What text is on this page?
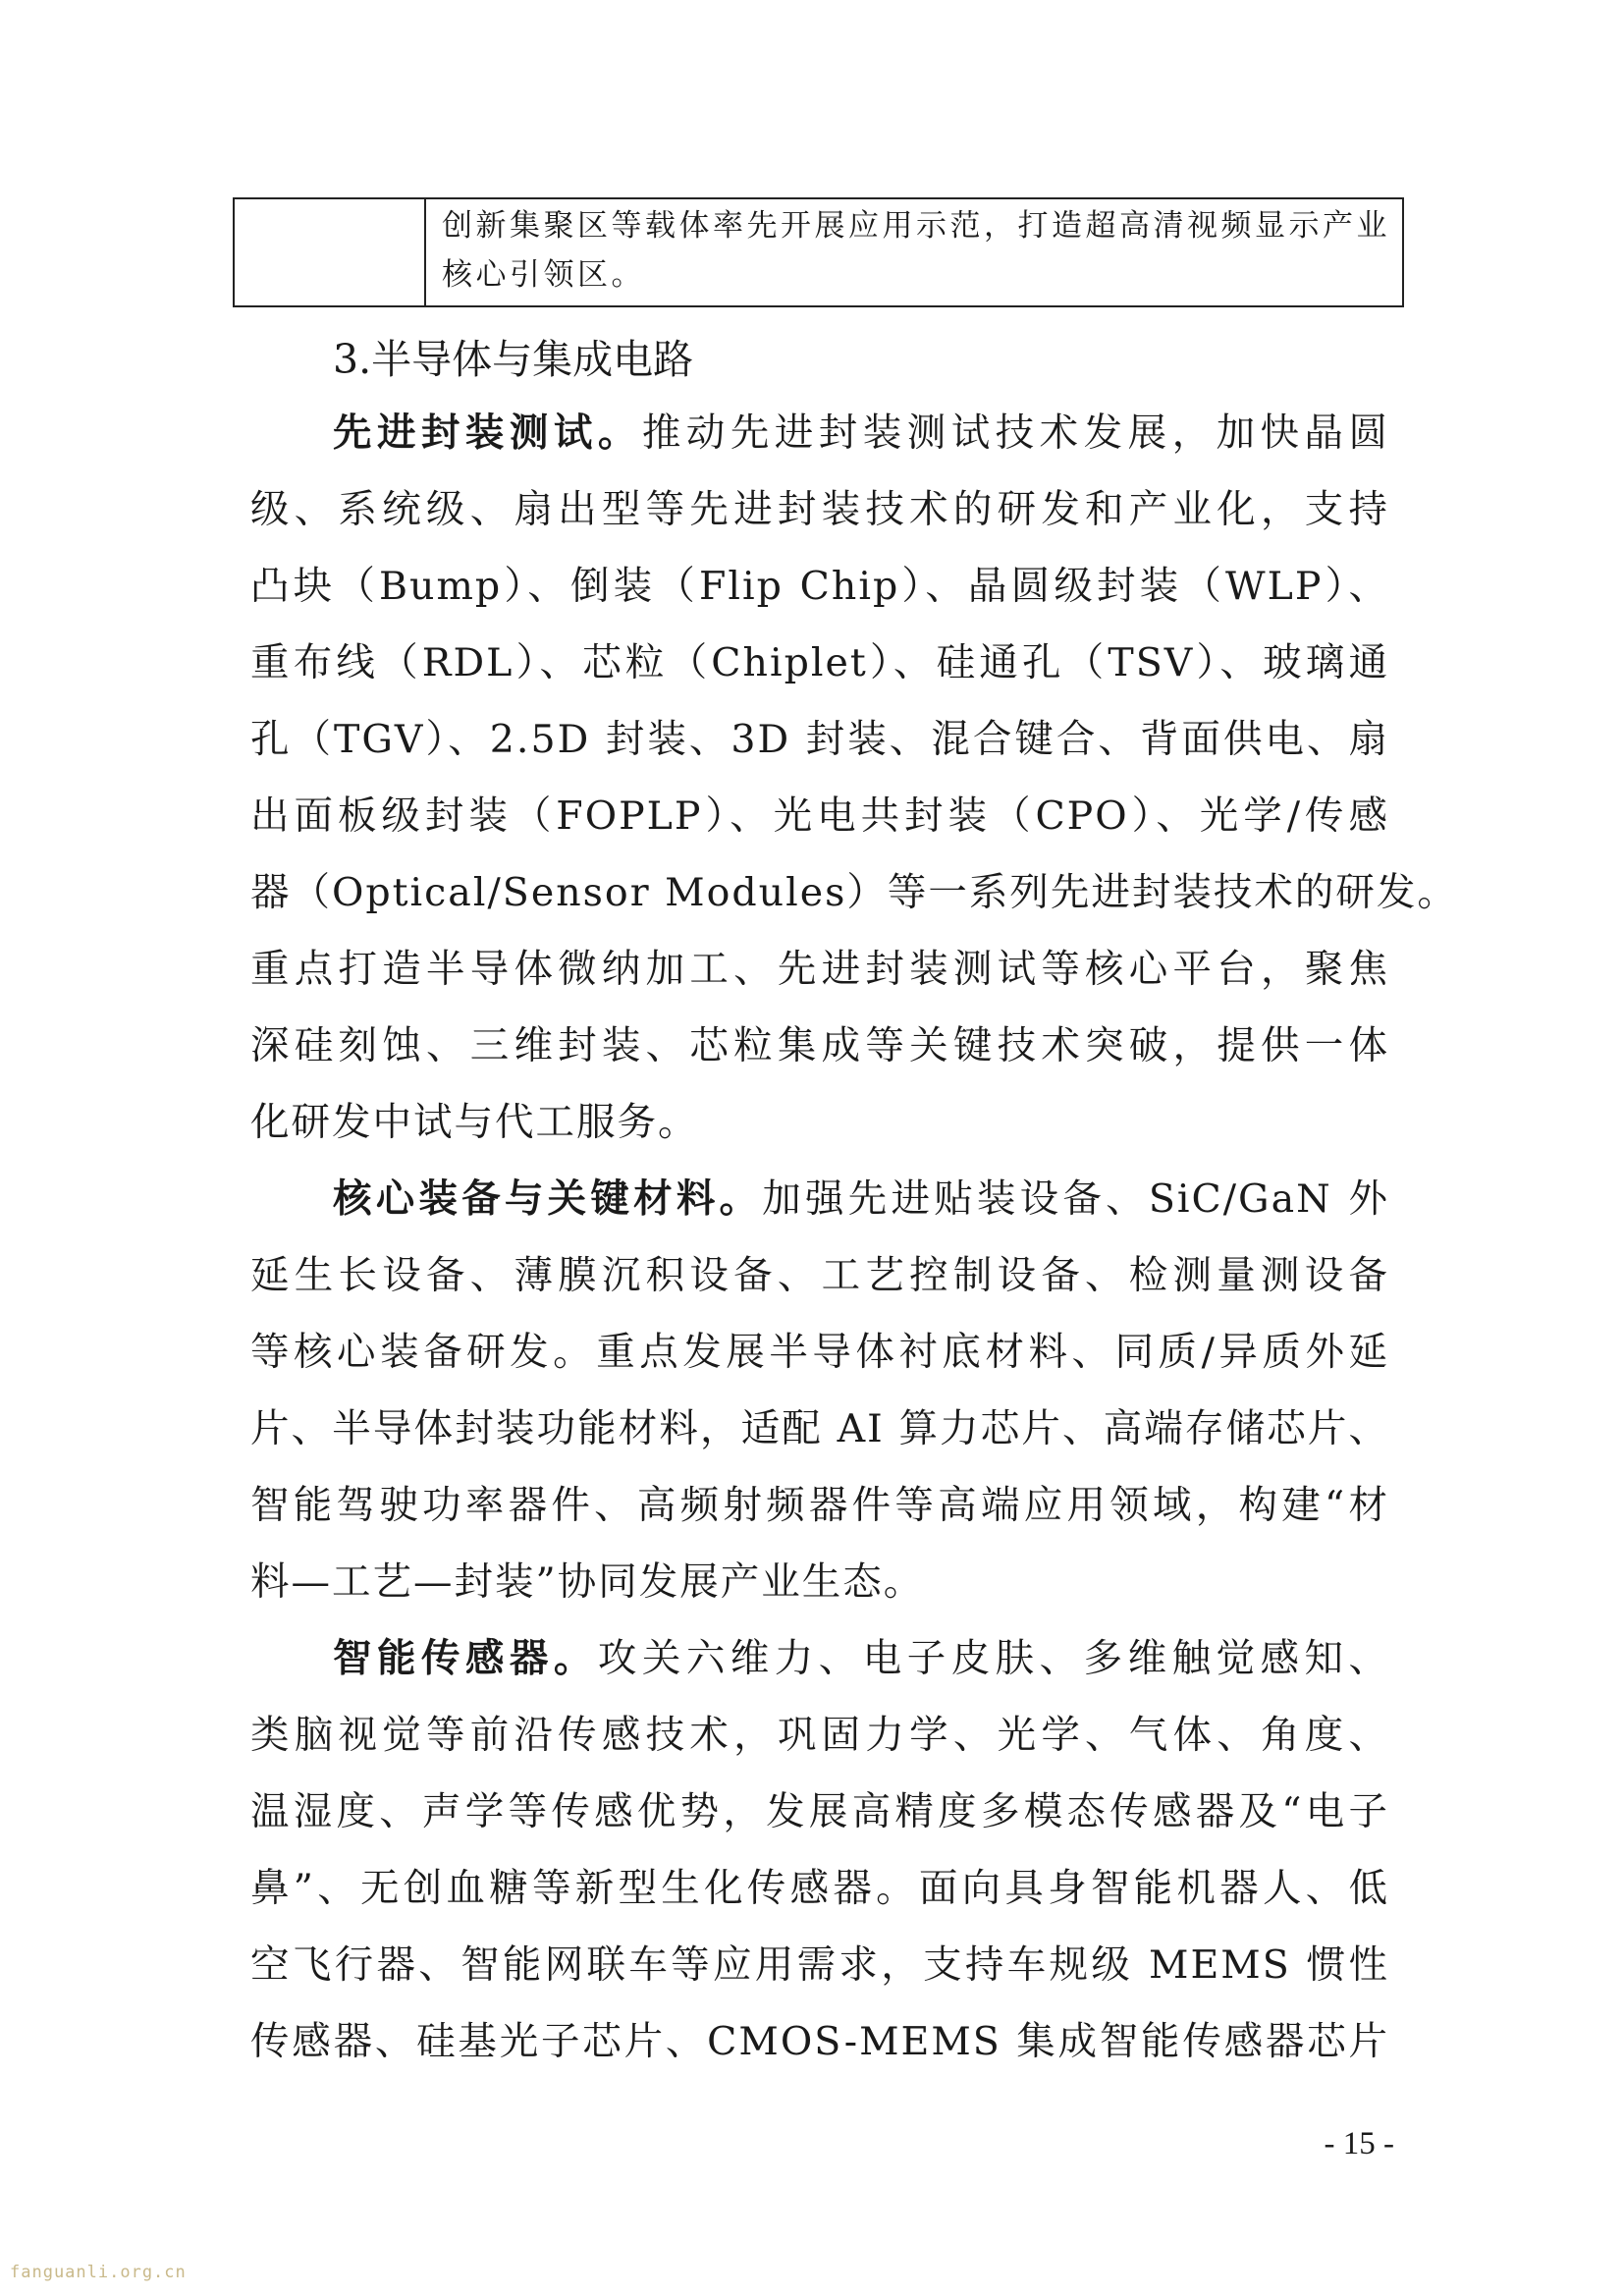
创新集聚区等载体率先开展应用示范，打造超高清视频显示产业
核心引领区。
3.半导体与集成电路
先进封装测试。推动先进封装测试技术发展，加快晶圆
级、系统级、扇出型等先进封装技术的研发和产业化，支持
凸块（Bump）、倒装（Flip Chip）、晶圆级封装（WLP）、
重布线（RDL）、芯粒（Chiplet）、硅通孔（TSV）、玻璃通
孔（TGV）、2.5D 封装、3D 封装、混合键合、背面供电、扇
出面板级封装（FOPLP）、光电共封装（CPO）、光学/传感
器（Optical/Sensor Modules）等一系列先进封装技术的研发。
重点打造半导体微纳加工、先进封装测试等核心平台，聚焦
深硅刻蚀、三维封装、芯粒集成等关键技术突破，提供一体
化研发中试与代工服务。
核心装备与关键材料。加强先进贴装设备、SiC/GaN 外
延生长设备、薄膜沉积设备、工艺控制设备、检测量测设备
等核心装备研发。重点发展半导体衬底材料、同质/异质外延
片、半导体封装功能材料，适配 AI 算力芯片、高端存储芯片、
智能驾驶功率器件、高频射频器件等高端应用领域，构建“材
料—工艺—封装”协同发展产业生态。
智能传感器。攻关六维力、电子皮肤、多维触觉感知、
类脑视觉等前沿传感技术，巩固力学、光学、气体、角度、
温湿度、声学等传感优势，发展高精度多模态传感器及“电子
鼻”、无创血糖等新型生化传感器。面向具身智能机器人、低
空飞行器、智能网联车等应用需求，支持车规级 MEMS 惯性
传感器、硅基光子芯片、CMOS-MEMS 集成智能传感器芯片
- 15 -
fanguanli.org.cn
